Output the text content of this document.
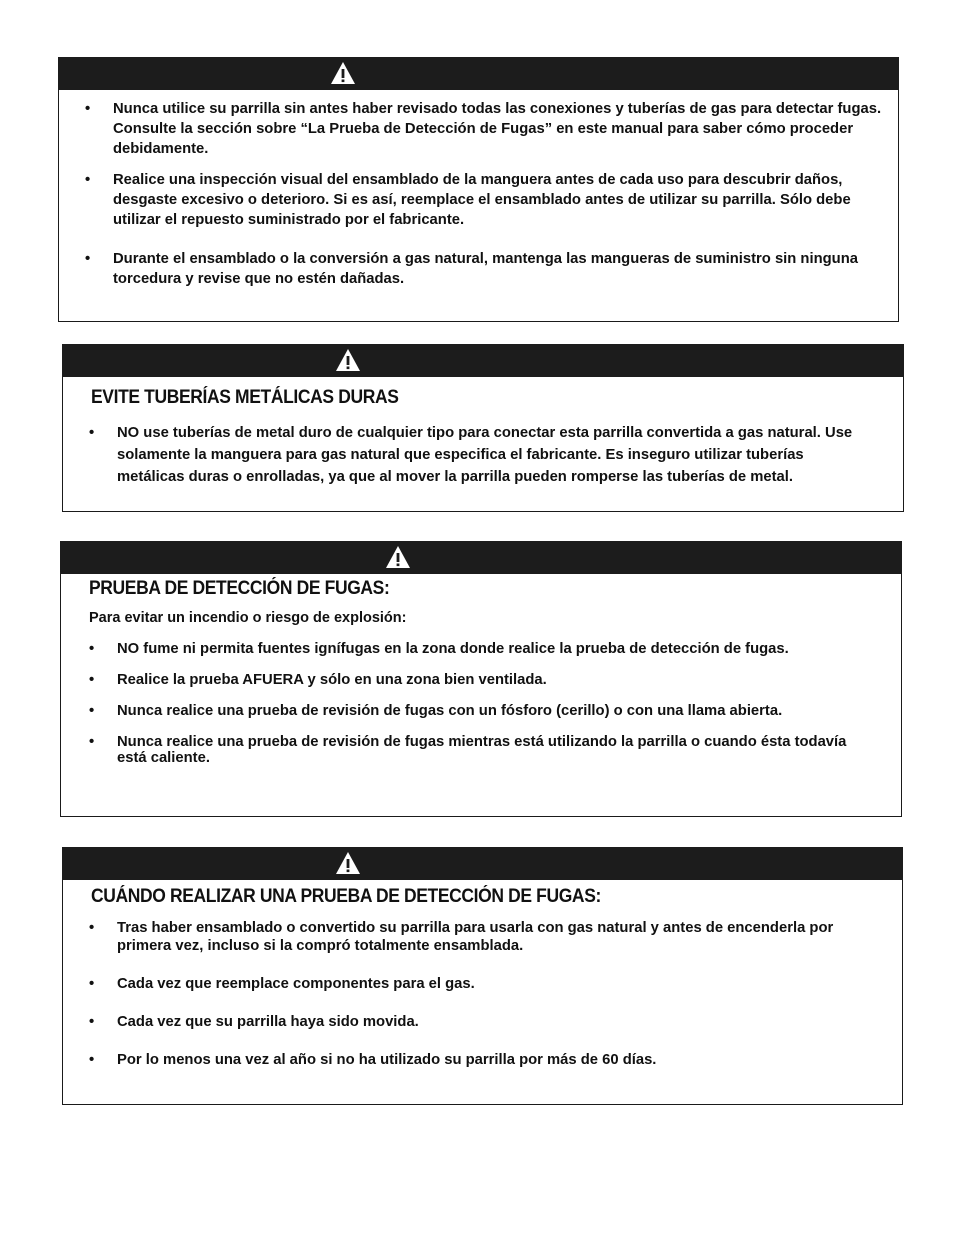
• Nunca utilice su parrilla sin antes haber revisado todas las conexiones y tuberías de gas para detectar fugas. Consulte la sección sobre “La Prueba de Detección de Fugas” en este manual para saber cómo proceder debidamente.
• Realice una inspección visual del ensamblado de la manguera antes de cada uso para descubrir daños, desgaste excesivo o deterioro. Si es así, reemplace el ensamblado antes de utilizar su parrilla. Sólo debe utilizar el repuesto suministrado por el fabricante.
• Durante el ensamblado o la conversión a gas natural, mantenga las mangueras de suministro sin ninguna torcedura y revise que no estén dañadas.
EVITE TUBERÍAS METÁLICAS DURAS
• NO use tuberías de metal duro de cualquier tipo para conectar esta parrilla convertida a gas natural. Use solamente la manguera para gas natural que especifica el fabricante. Es inseguro utilizar tuberías metálicas duras o enrolladas, ya que al mover la parrilla pueden romperse las tuberías de metal.
PRUEBA DE DETECCIÓN DE FUGAS:
Para evitar un incendio o riesgo de explosión:
• NO fume ni permita fuentes ignífugas en la zona donde realice la prueba de detección de fugas.
• Realice la prueba AFUERA y sólo en una zona bien ventilada.
• Nunca realice una prueba de revisión de fugas con un fósforo (cerillo) o con una llama abierta.
• Nunca realice una prueba de revisión de fugas mientras está utilizando la parrilla o cuando ésta todavía está caliente.
CUÁNDO REALIZAR UNA PRUEBA DE DETECCIÓN DE FUGAS:
• Tras haber ensamblado o convertido su parrilla para usarla con gas natural y antes de encenderla por primera vez, incluso si la compró totalmente ensamblada.
• Cada vez que reemplace componentes para el gas.
• Cada vez que su parrilla haya sido movida.
• Por lo menos una vez al año si no ha utilizado su parrilla por más de 60 días.
